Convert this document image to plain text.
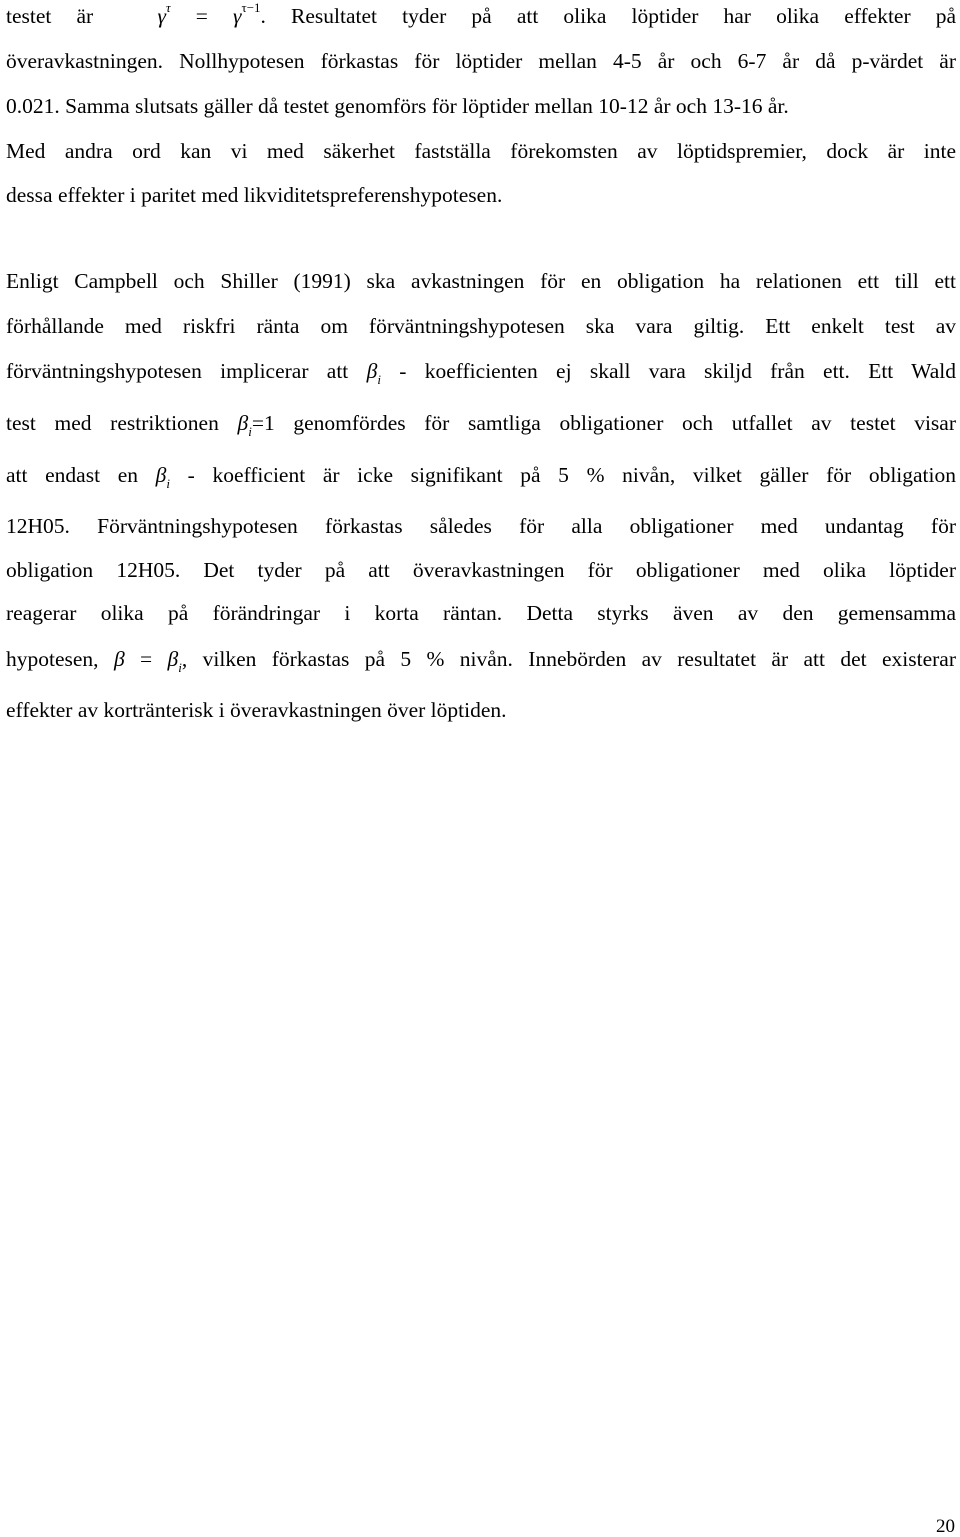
testet är	$\gamma^\tau = \gamma^{\tau-1}$. Resultatet tyder på att olika löptider har olika effekter på
överavkastningen. Nollhypotesen förkastas för löptider mellan 4-5 år och 6-7 år då p-värdet är
0.021. Samma slutsats gäller då testet genomförs för löptider mellan 10-12 år och 13-16 år.
Med andra ord kan vi med säkerhet fastställa förekomsten av löptidspremier, dock är inte
dessa effekter i paritet med likviditetspreferenshypotesen.
Enligt Campbell och Shiller (1991) ska avkastningen för en obligation ha relationen ett till ett
förhållande med riskfri ränta om förväntningshypotesen ska vara giltig. Ett enkelt test av
förväntningshypotesen implicerar att $\beta_i$ - koefficienten ej skall vara skiljd från ett. Ett Wald
test med restriktionen $\beta_i=1$ genomfördes för samtliga obligationer och utfallet av testet visar
att endast en $\beta_i$ - koefficient är icke signifikant på 5 % nivån, vilket gäller för obligation
12H05. Förväntningshypotesen förkastas således för alla obligationer med undantag för
obligation 12H05. Det tyder på att överavkastningen för obligationer med olika löptider
reagerar olika på förändringar i korta räntan. Detta styrks även av den gemensamma
hypotesen, $\beta = \beta_i$, vilken förkastas på 5 % nivån. Innebörden av resultatet är att det existerar
effekter av kortränterisk i överavkastningen över löptiden.
20
